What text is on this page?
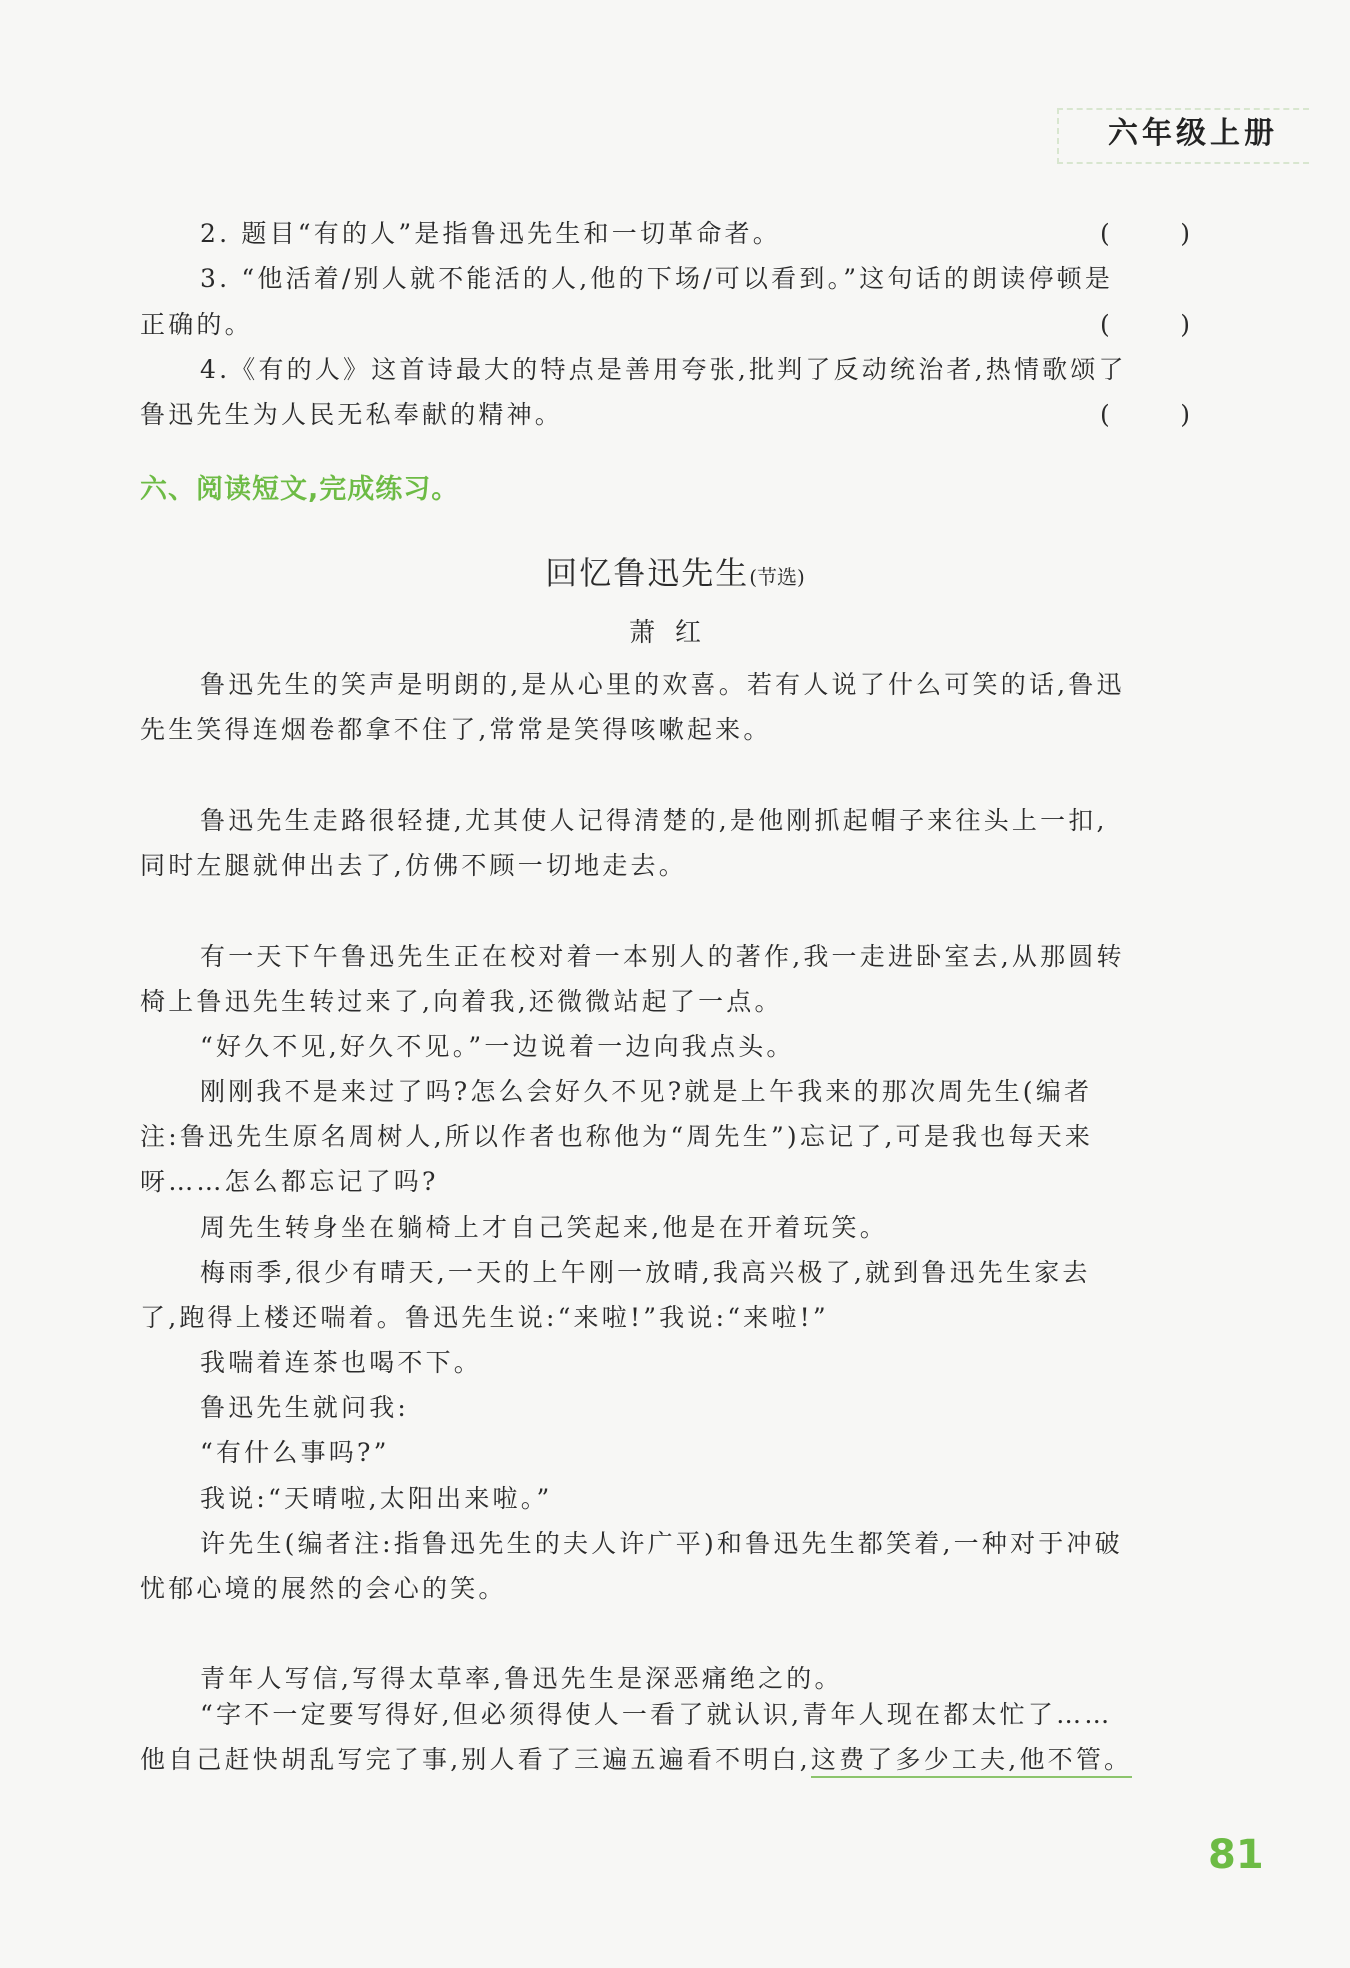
六年级上册
2. 题目“有的人”是指鲁迅先生和一切革命者。	(	)
3. “他活着/别人就不能活的人,他的下场/可以看到。”这句话的朗读停顿是
正确的。	(	)
4.《有的人》这首诗最大的特点是善用夸张,批判了反动统治者,热情歌颂了
鲁迅先生为人民无私奉献的精神。	(	)
六、阅读短文,完成练习。
回忆鲁迅先生(节选)
萧红
鲁迅先生的笑声是明朗的,是从心里的欢喜。若有人说了什么可笑的话,鲁迅
先生笑得连烟卷都拿不住了,常常是笑得咳嗽起来。
鲁迅先生走路很轻捷,尤其使人记得清楚的,是他刚抓起帽子来往头上一扣,
同时左腿就伸出去了,仿佛不顾一切地走去。
有一天下午鲁迅先生正在校对着一本别人的著作,我一走进卧室去,从那圆转
椅上鲁迅先生转过来了,向着我,还微微站起了一点。
“好久不见,好久不见。”一边说着一边向我点头。
刚刚我不是来过了吗?怎么会好久不见?就是上午我来的那次周先生(编者
注:鲁迅先生原名周树人,所以作者也称他为“周先生”)忘记了,可是我也每天来
呀……怎么都忘记了吗?
周先生转身坐在躺椅上才自己笑起来,他是在开着玩笑。
梅雨季,很少有晴天,一天的上午刚一放晴,我高兴极了,就到鲁迅先生家去
了,跑得上楼还喘着。鲁迅先生说:“来啦!”我说:“来啦!”
我喘着连茶也喝不下。
鲁迅先生就问我:
“有什么事吗?”
我说:“天晴啦,太阳出来啦。”
许先生(编者注:指鲁迅先生的夫人许广平)和鲁迅先生都笑着,一种对于冲破
忧郁心境的展然的会心的笑。
青年人写信,写得太草率,鲁迅先生是深恶痛绝之的。
“字不一定要写得好,但必须得使人一看了就认识,青年人现在都太忙了……
他自己赶快胡乱写完了事,别人看了三遍五遍看不明白,这费了多少工夫,他不管。
81
